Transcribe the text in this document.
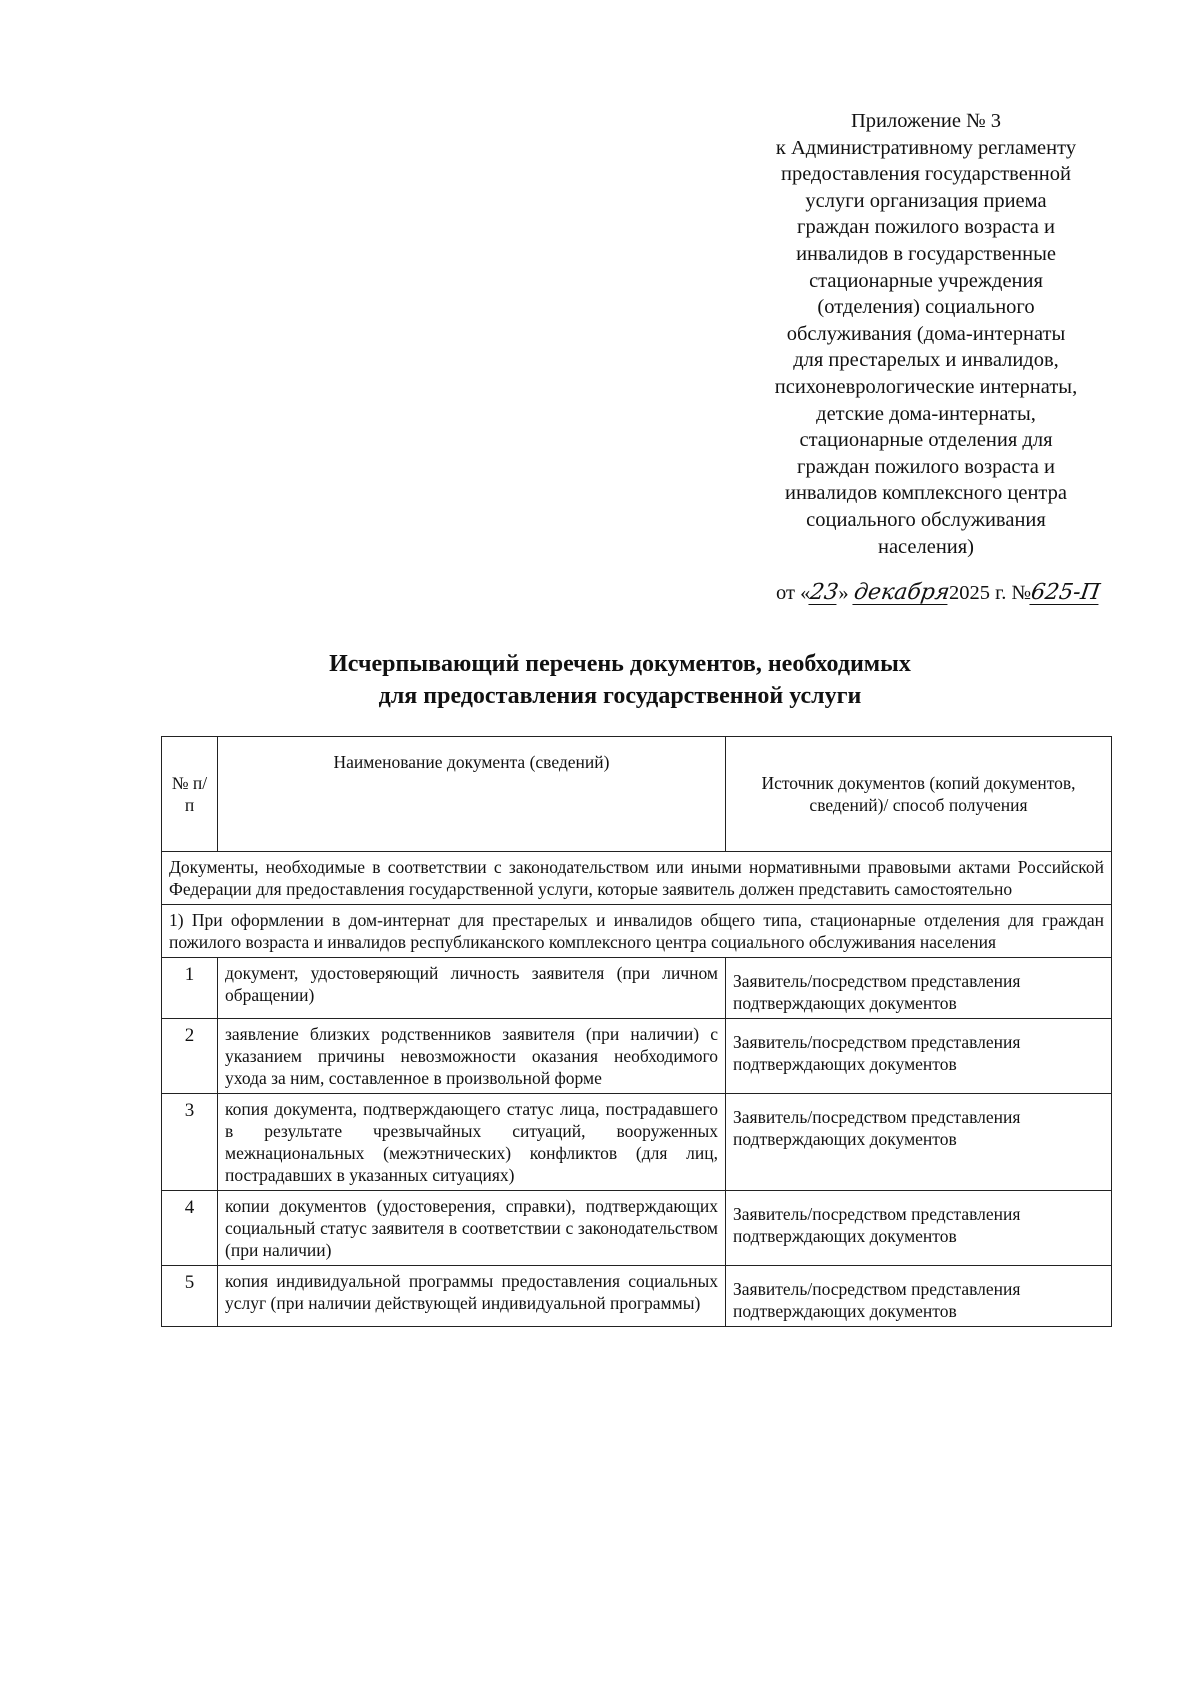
Приложение № 3
к Административному регламенту
предоставления государственной
услуги организация приема
граждан пожилого возраста и
инвалидов в государственные
стационарные учреждения
(отделения) социального
обслуживания (дома-интернаты
для престарелых и инвалидов,
психоневрологические интернаты,
детские дома-интернаты,
стационарные отделения для
граждан пожилого возраста и
инвалидов комплексного центра
социального обслуживания
населения)
от «23» декабря2025 г. №625-П
Исчерпывающий перечень документов, необходимых
для предоставления государственной услуги
№ п/п	Наименование документа (сведений)	Источник документов (копий документов, сведений)/ способ получения
Документы, необходимые в соответствии с законодательством или иными нормативными правовыми актами Российской Федерации для предоставления государственной услуги, которые заявитель должен представить самостоятельно		
1) При оформлении в дом-интернат для престарелых и инвалидов общего типа, стационарные отделения для граждан пожилого возраста и инвалидов республиканского комплексного центра социального обслуживания населения		
1	документ, удостоверяющий личность заявителя (при личном обращении)	Заявитель/посредством представления подтверждающих документов
2	заявление близких родственников заявителя (при наличии) с указанием причины невозможности оказания необходимого ухода за ним, составленное в произвольной форме	Заявитель/посредством представления подтверждающих документов
3	копия документа, подтверждающего статус лица, пострадавшего в результате чрезвычайных ситуаций, вооруженных межнациональных (межэтнических) конфликтов (для лиц, пострадавших в указанных ситуациях)	Заявитель/посредством представления подтверждающих документов
4	копии документов (удостоверения, справки), подтверждающих социальный статус заявителя в соответствии с законодательством (при наличии)	Заявитель/посредством представления подтверждающих документов
5	копия индивидуальной программы предоставления социальных услуг (при наличии действующей индивидуальной программы)	Заявитель/посредством представления подтверждающих документов
